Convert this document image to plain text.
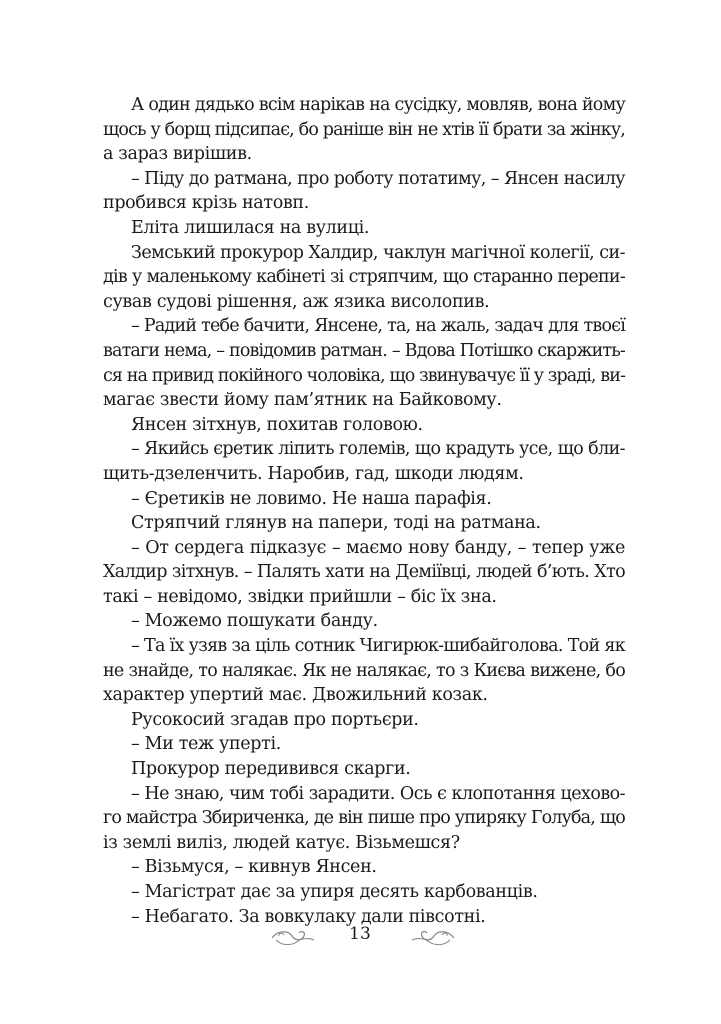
А один дядько всім нарікав на сусідку, мовляв, вона йому
щось у борщ підсипає, бо раніше він не хтів її брати за жінку,
а зараз вирішив.
– Піду до ратмана, про роботу потатиму, – Янсен насилу
пробився крізь натовп.
Еліта лишилася на вулиці.
Земський прокурор Халдир, чаклун магічної колегії, си-
дів у маленькому кабінеті зі стряпчим, що старанно перепи-
сував судові рішення, аж язика висолопив.
– Радий тебе бачити, Янсене, та, на жаль, задач для твоєї
ватаги нема, – повідомив ратман. – Вдова Потішко скаржить-
ся на привид покійного чоловіка, що звинувачує її у зраді, ви-
магає звести йому пам’ятник на Байковому.
Янсен зітхнув, похитав головою.
– Якийсь єретик ліпить големів, що крадуть усе, що бли-
щить-дзеленчить. Наробив, гад, шкоди людям.
– Єретиків не ловимо. Не наша парафія.
Стряпчий глянув на папери, тоді на ратмана.
– От сердега підказує – маємо нову банду, – тепер уже
Халдир зітхнув. – Палять хати на Деміївці, людей б’ють. Хто
такі – невідомо, звідки прийшли – біс їх зна.
– Можемо пошукати банду.
– Та їх узяв за ціль сотник Чигирюк-шибайголова. Той як
не знайде, то налякає. Як не налякає, то з Києва вижене, бо
характер упертий має. Двожильний козак.
Русокосий згадав про портьєри.
– Ми теж уперті.
Прокурор передивився скарги.
– Не знаю, чим тобі зарадити. Ось є клопотання цехово-
го майстра Збириченка, де він пише про упиряку Голуба, що
із землі виліз, людей катує. Візьмешся?
– Візьмуся, – кивнув Янсен.
– Магістрат дає за упиря десять карбованців.
– Небагато. За вовкулаку дали півсотні.
13
